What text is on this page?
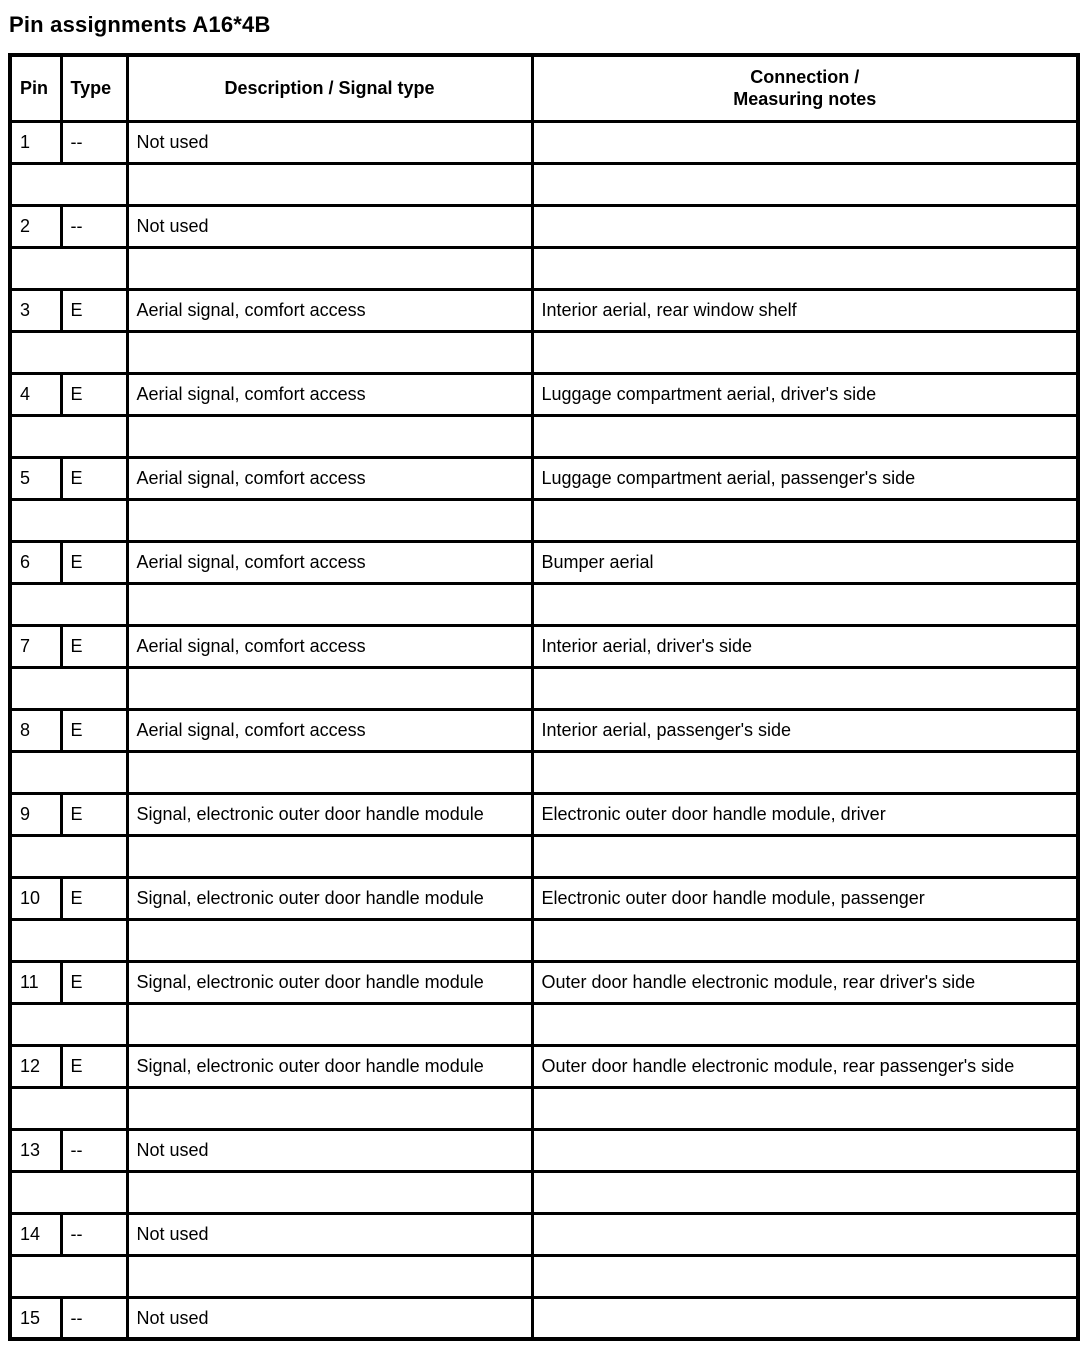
Pin assignments A16*4B
Pin	Type	Description / Signal type	Connection /
Measuring notes

1	--	Not used	

2	--	Not used	

3	E	Aerial signal, comfort access	Interior aerial, rear window shelf

4	E	Aerial signal, comfort access	Luggage compartment aerial, driver's side

5	E	Aerial signal, comfort access	Luggage compartment aerial, passenger's side

6	E	Aerial signal, comfort access	Bumper aerial

7	E	Aerial signal, comfort access	Interior aerial, driver's side

8	E	Aerial signal, comfort access	Interior aerial, passenger's side

9	E	Signal, electronic outer door handle module	Electronic outer door handle module, driver

10	E	Signal, electronic outer door handle module	Electronic outer door handle module, passenger

11	E	Signal, electronic outer door handle module	Outer door handle electronic module, rear driver's side

12	E	Signal, electronic outer door handle module	Outer door handle electronic module, rear passenger's side

13	--	Not used	

14	--	Not used	

15	--	Not used	
